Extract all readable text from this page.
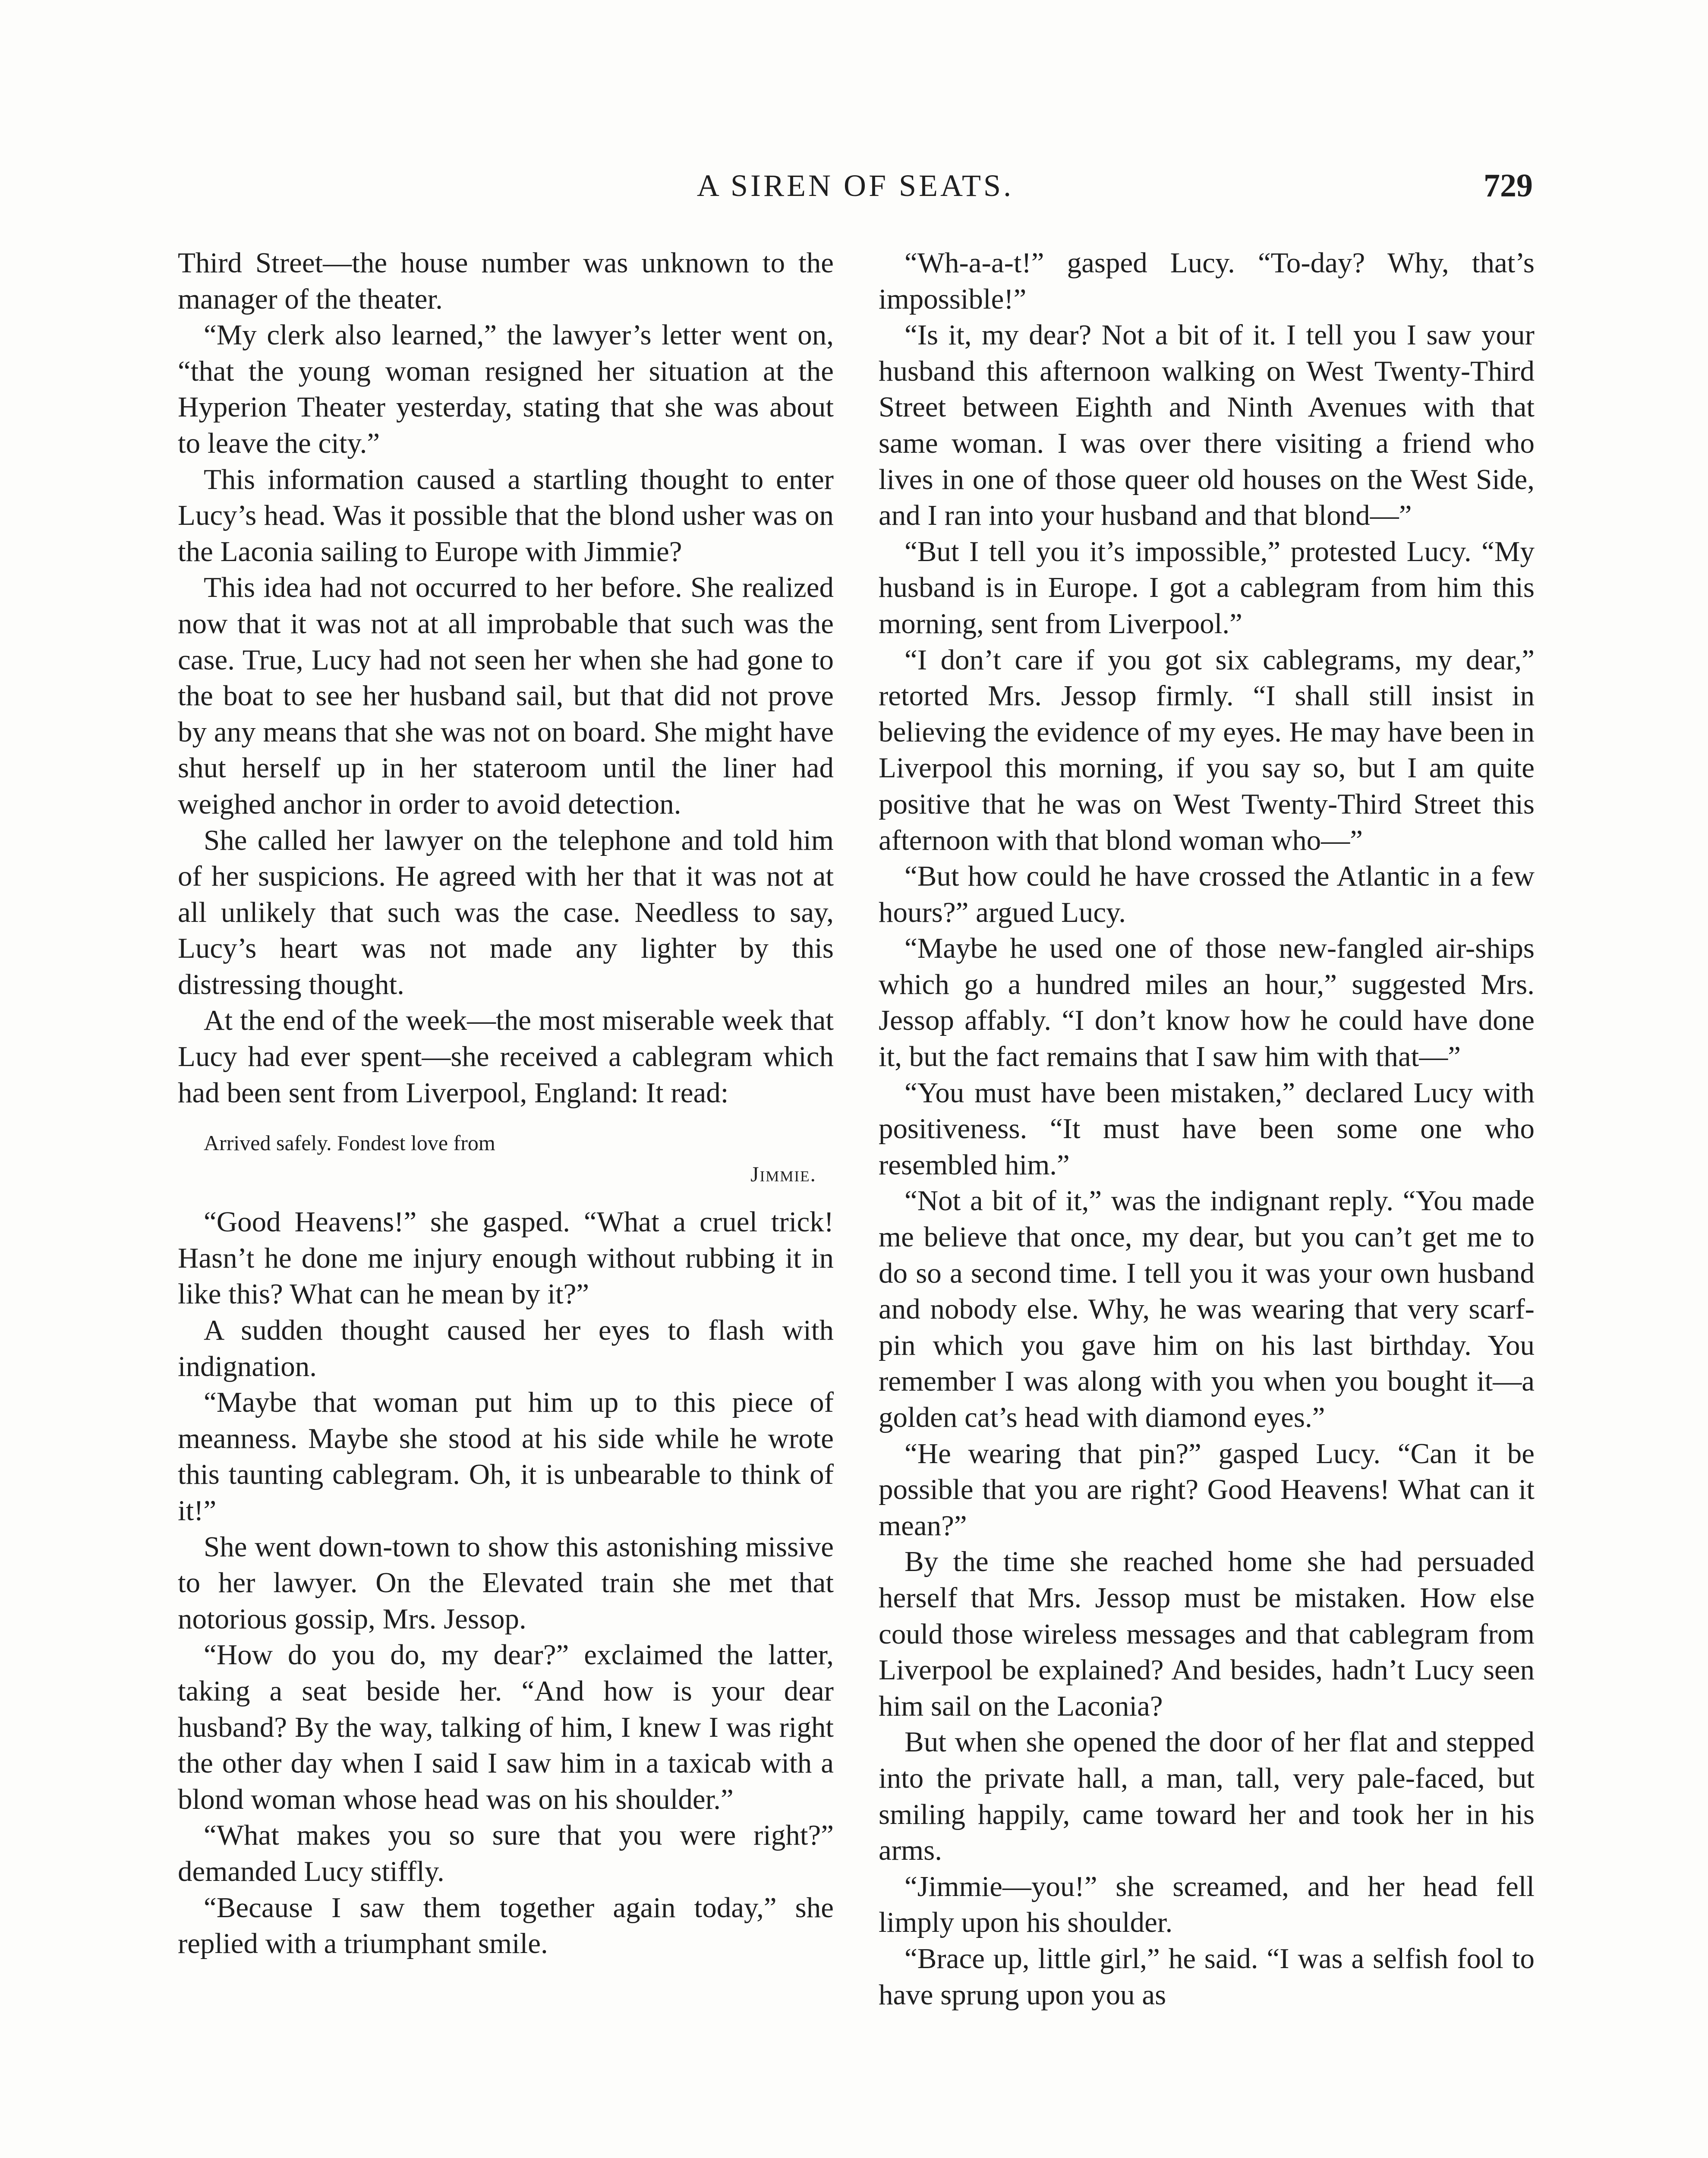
A SIREN OF SEATS.	729

Third Street—the house number was unknown to the manager of the theater.

“My clerk also learned,” the lawyer’s letter went on, “that the young woman resigned her situation at the Hyperion Theater yesterday, stating that she was about to leave the city.”

This information caused a startling thought to enter Lucy’s head. Was it possible that the blond usher was on the Laconia sailing to Europe with Jimmie?

This idea had not occurred to her before. She realized now that it was not at all improbable that such was the case. True, Lucy had not seen her when she had gone to the boat to see her husband sail, but that did not prove by any means that she was not on board. She might have shut herself up in her stateroom until the liner had weighed anchor in order to avoid detection.

She called her lawyer on the telephone and told him of her suspicions. He agreed with her that it was not at all unlikely that such was the case. Needless to say, Lucy’s heart was not made any lighter by this distressing thought.

At the end of the week—the most miserable week that Lucy had ever spent—she received a cablegram which had been sent from Liverpool, England: It read:

Arrived safely. Fondest love from
Jimmie.

“Good Heavens!” she gasped. “What a cruel trick! Hasn’t he done me injury enough without rubbing it in like this? What can he mean by it?”

A sudden thought caused her eyes to flash with indignation.

“Maybe that woman put him up to this piece of meanness. Maybe she stood at his side while he wrote this taunting cablegram. Oh, it is unbearable to think of it!”

She went down-town to show this astonishing missive to her lawyer. On the Elevated train she met that notorious gossip, Mrs. Jessop.

“How do you do, my dear?” exclaimed the latter, taking a seat beside her. “And how is your dear husband? By the way, talking of him, I knew I was right the other day when I said I saw him in a taxicab with a blond woman whose head was on his shoulder.”

“What makes you so sure that you were right?” demanded Lucy stiffly.

“Because I saw them together again today,” she replied with a triumphant smile.

“Wh-a-a-t!” gasped Lucy. “To-day? Why, that’s impossible!”

“Is it, my dear? Not a bit of it. I tell you I saw your husband this afternoon walking on West Twenty-Third Street between Eighth and Ninth Avenues with that same woman. I was over there visiting a friend who lives in one of those queer old houses on the West Side, and I ran into your husband and that blond—”

“But I tell you it’s impossible,” protested Lucy. “My husband is in Europe. I got a cablegram from him this morning, sent from Liverpool.”

“I don’t care if you got six cablegrams, my dear,” retorted Mrs. Jessop firmly. “I shall still insist in believing the evidence of my eyes. He may have been in Liverpool this morning, if you say so, but I am quite positive that he was on West Twenty-Third Street this afternoon with that blond woman who—”

“But how could he have crossed the Atlantic in a few hours?” argued Lucy.

“Maybe he used one of those new-fangled air-ships which go a hundred miles an hour,” suggested Mrs. Jessop affably. “I don’t know how he could have done it, but the fact remains that I saw him with that—”

“You must have been mistaken,” declared Lucy with positiveness. “It must have been some one who resembled him.”

“Not a bit of it,” was the indignant reply. “You made me believe that once, my dear, but you can’t get me to do so a second time. I tell you it was your own husband and nobody else. Why, he was wearing that very scarf-pin which you gave him on his last birthday. You remember I was along with you when you bought it—a golden cat’s head with diamond eyes.”

“He wearing that pin?” gasped Lucy. “Can it be possible that you are right? Good Heavens! What can it mean?”

By the time she reached home she had persuaded herself that Mrs. Jessop must be mistaken. How else could those wireless messages and that cablegram from Liverpool be explained? And besides, hadn’t Lucy seen him sail on the Laconia?

But when she opened the door of her flat and stepped into the private hall, a man, tall, very pale-faced, but smiling happily, came toward her and took her in his arms.

“Jimmie—you!” she screamed, and her head fell limply upon his shoulder.

“Brace up, little girl,” he said. “I was a selfish fool to have sprung upon you as
